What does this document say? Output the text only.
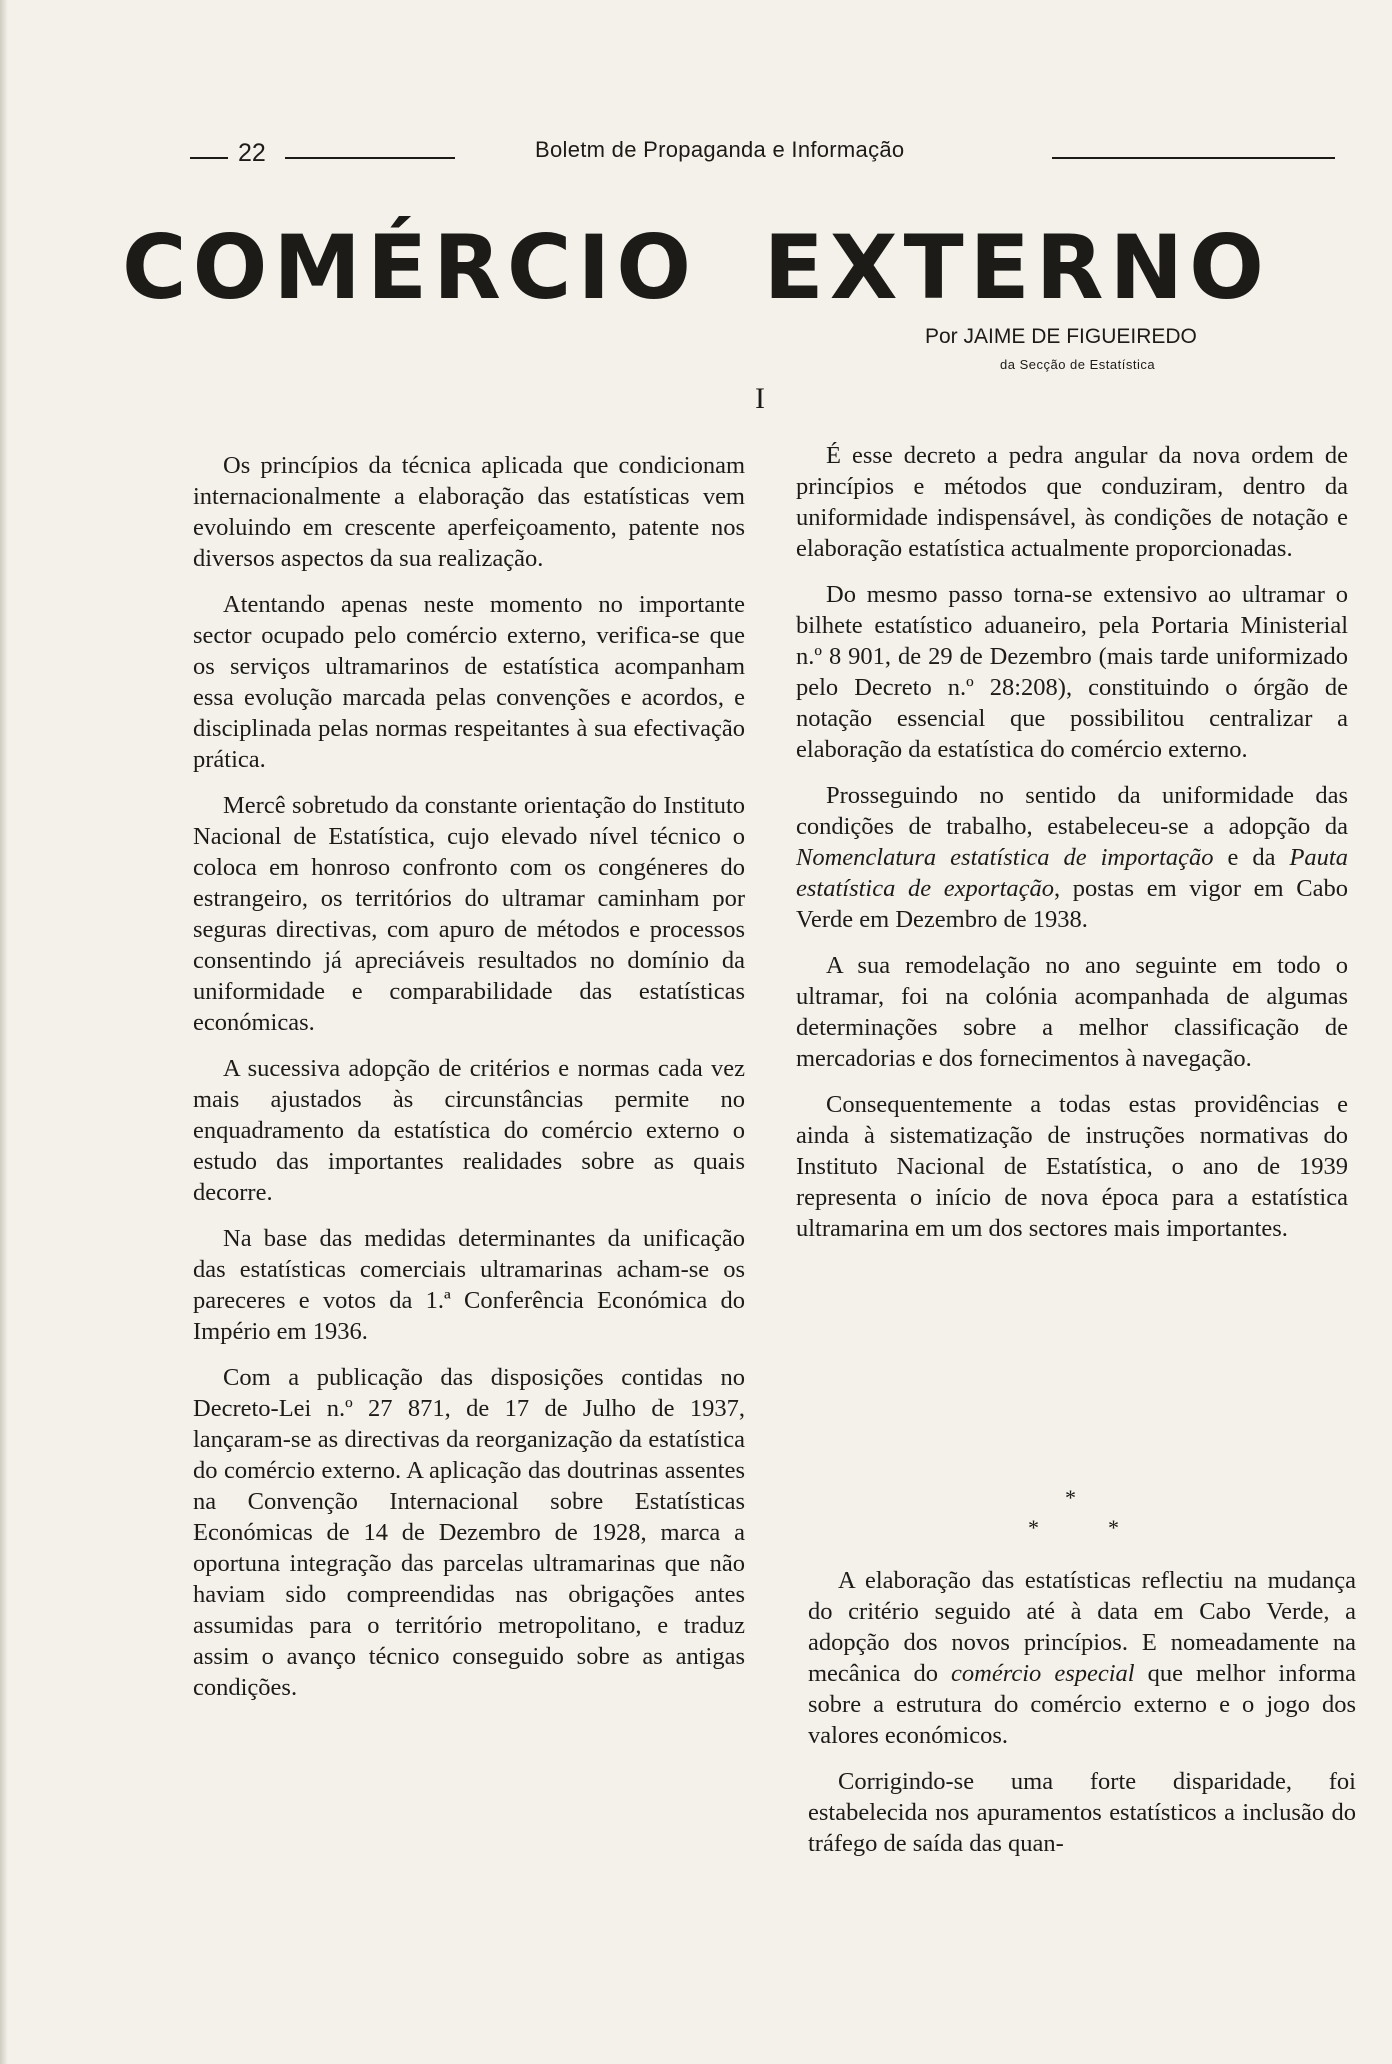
22	Boletm de Propaganda e Informação
COMÉRCIO EXTERNO
Por JAIME DE FIGUEIREDO
da Secção de Estatística
I

Os princípios da técnica aplicada que condicionam internacionalmente a elaboração das estatísticas vem evoluindo em crescente aperfeiçoamento, patente nos diversos aspectos da sua realização.

Atentando apenas neste momento no importante sector ocupado pelo comércio externo, verifica-se que os serviços ultramarinos de estatística acompanham essa evolução marcada pelas convenções e acordos, e disciplinada pelas normas respeitantes à sua efectivação prática.

Mercê sobretudo da constante orientação do Instituto Nacional de Estatística, cujo elevado nível técnico o coloca em honroso confronto com os congéneres do estrangeiro, os territórios do ultramar caminham por seguras directivas, com apuro de métodos e processos consentindo já apreciáveis resultados no domínio da uniformidade e comparabilidade das estatísticas económicas.

A sucessiva adopção de critérios e normas cada vez mais ajustados às circunstâncias permite no enquadramento da estatística do comércio externo o estudo das importantes realidades sobre as quais decorre.

Na base das medidas determinantes da unificação das estatísticas comerciais ultramarinas acham-se os pareceres e votos da 1.ª Conferência Económica do Império em 1936.

Com a publicação das disposições contidas no Decreto-Lei n.º 27 871, de 17 de Julho de 1937, lançaram-se as directivas da reorganização da estatística do comércio externo. A aplicação das doutrinas assentes na Convenção Internacional sobre Estatísticas Económicas de 14 de Dezembro de 1928, marca a oportuna integração das parcelas ultramarinas que não haviam sido compreendidas nas obrigações antes assumidas para o território metropolitano, e traduz assim o avanço técnico conseguido sobre as antigas condições.

É esse decreto a pedra angular da nova ordem de princípios e métodos que conduziram, dentro da uniformidade indispensável, às condições de notação e elaboração estatística actualmente proporcionadas.

Do mesmo passo torna-se extensivo ao ultramar o bilhete estatístico aduaneiro, pela Portaria Ministerial n.º 8 901, de 29 de Dezembro (mais tarde uniformizado pelo Decreto n.º 28:208), constituindo o órgão de notação essencial que possibilitou centralizar a elaboração da estatística do comércio externo.

Prosseguindo no sentido da uniformidade das condições de trabalho, estabeleceu-se a adopção da Nomenclatura estatística de importação e da Pauta estatística de exportação, postas em vigor em Cabo Verde em Dezembro de 1938.

A sua remodelação no ano seguinte em todo o ultramar, foi na colónia acompanhada de algumas determinações sobre a melhor classificação de mercadorias e dos fornecimentos à navegação.

Consequentemente a todas estas providências e ainda à sistematização de instruções normativas do Instituto Nacional de Estatística, o ano de 1939 representa o início de nova época para a estatística ultramarina em um dos sectores mais importantes.

*
*	*

A elaboração das estatísticas reflectiu na mudança do critério seguido até à data em Cabo Verde, a adopção dos novos princípios. E nomeadamente na mecânica do comércio especial que melhor informa sobre a estrutura do comércio externo e o jogo dos valores económicos.

Corrigindo-se uma forte disparidade, foi estabelecida nos apuramentos estatísticos a inclusão do tráfego de saída das quan-
